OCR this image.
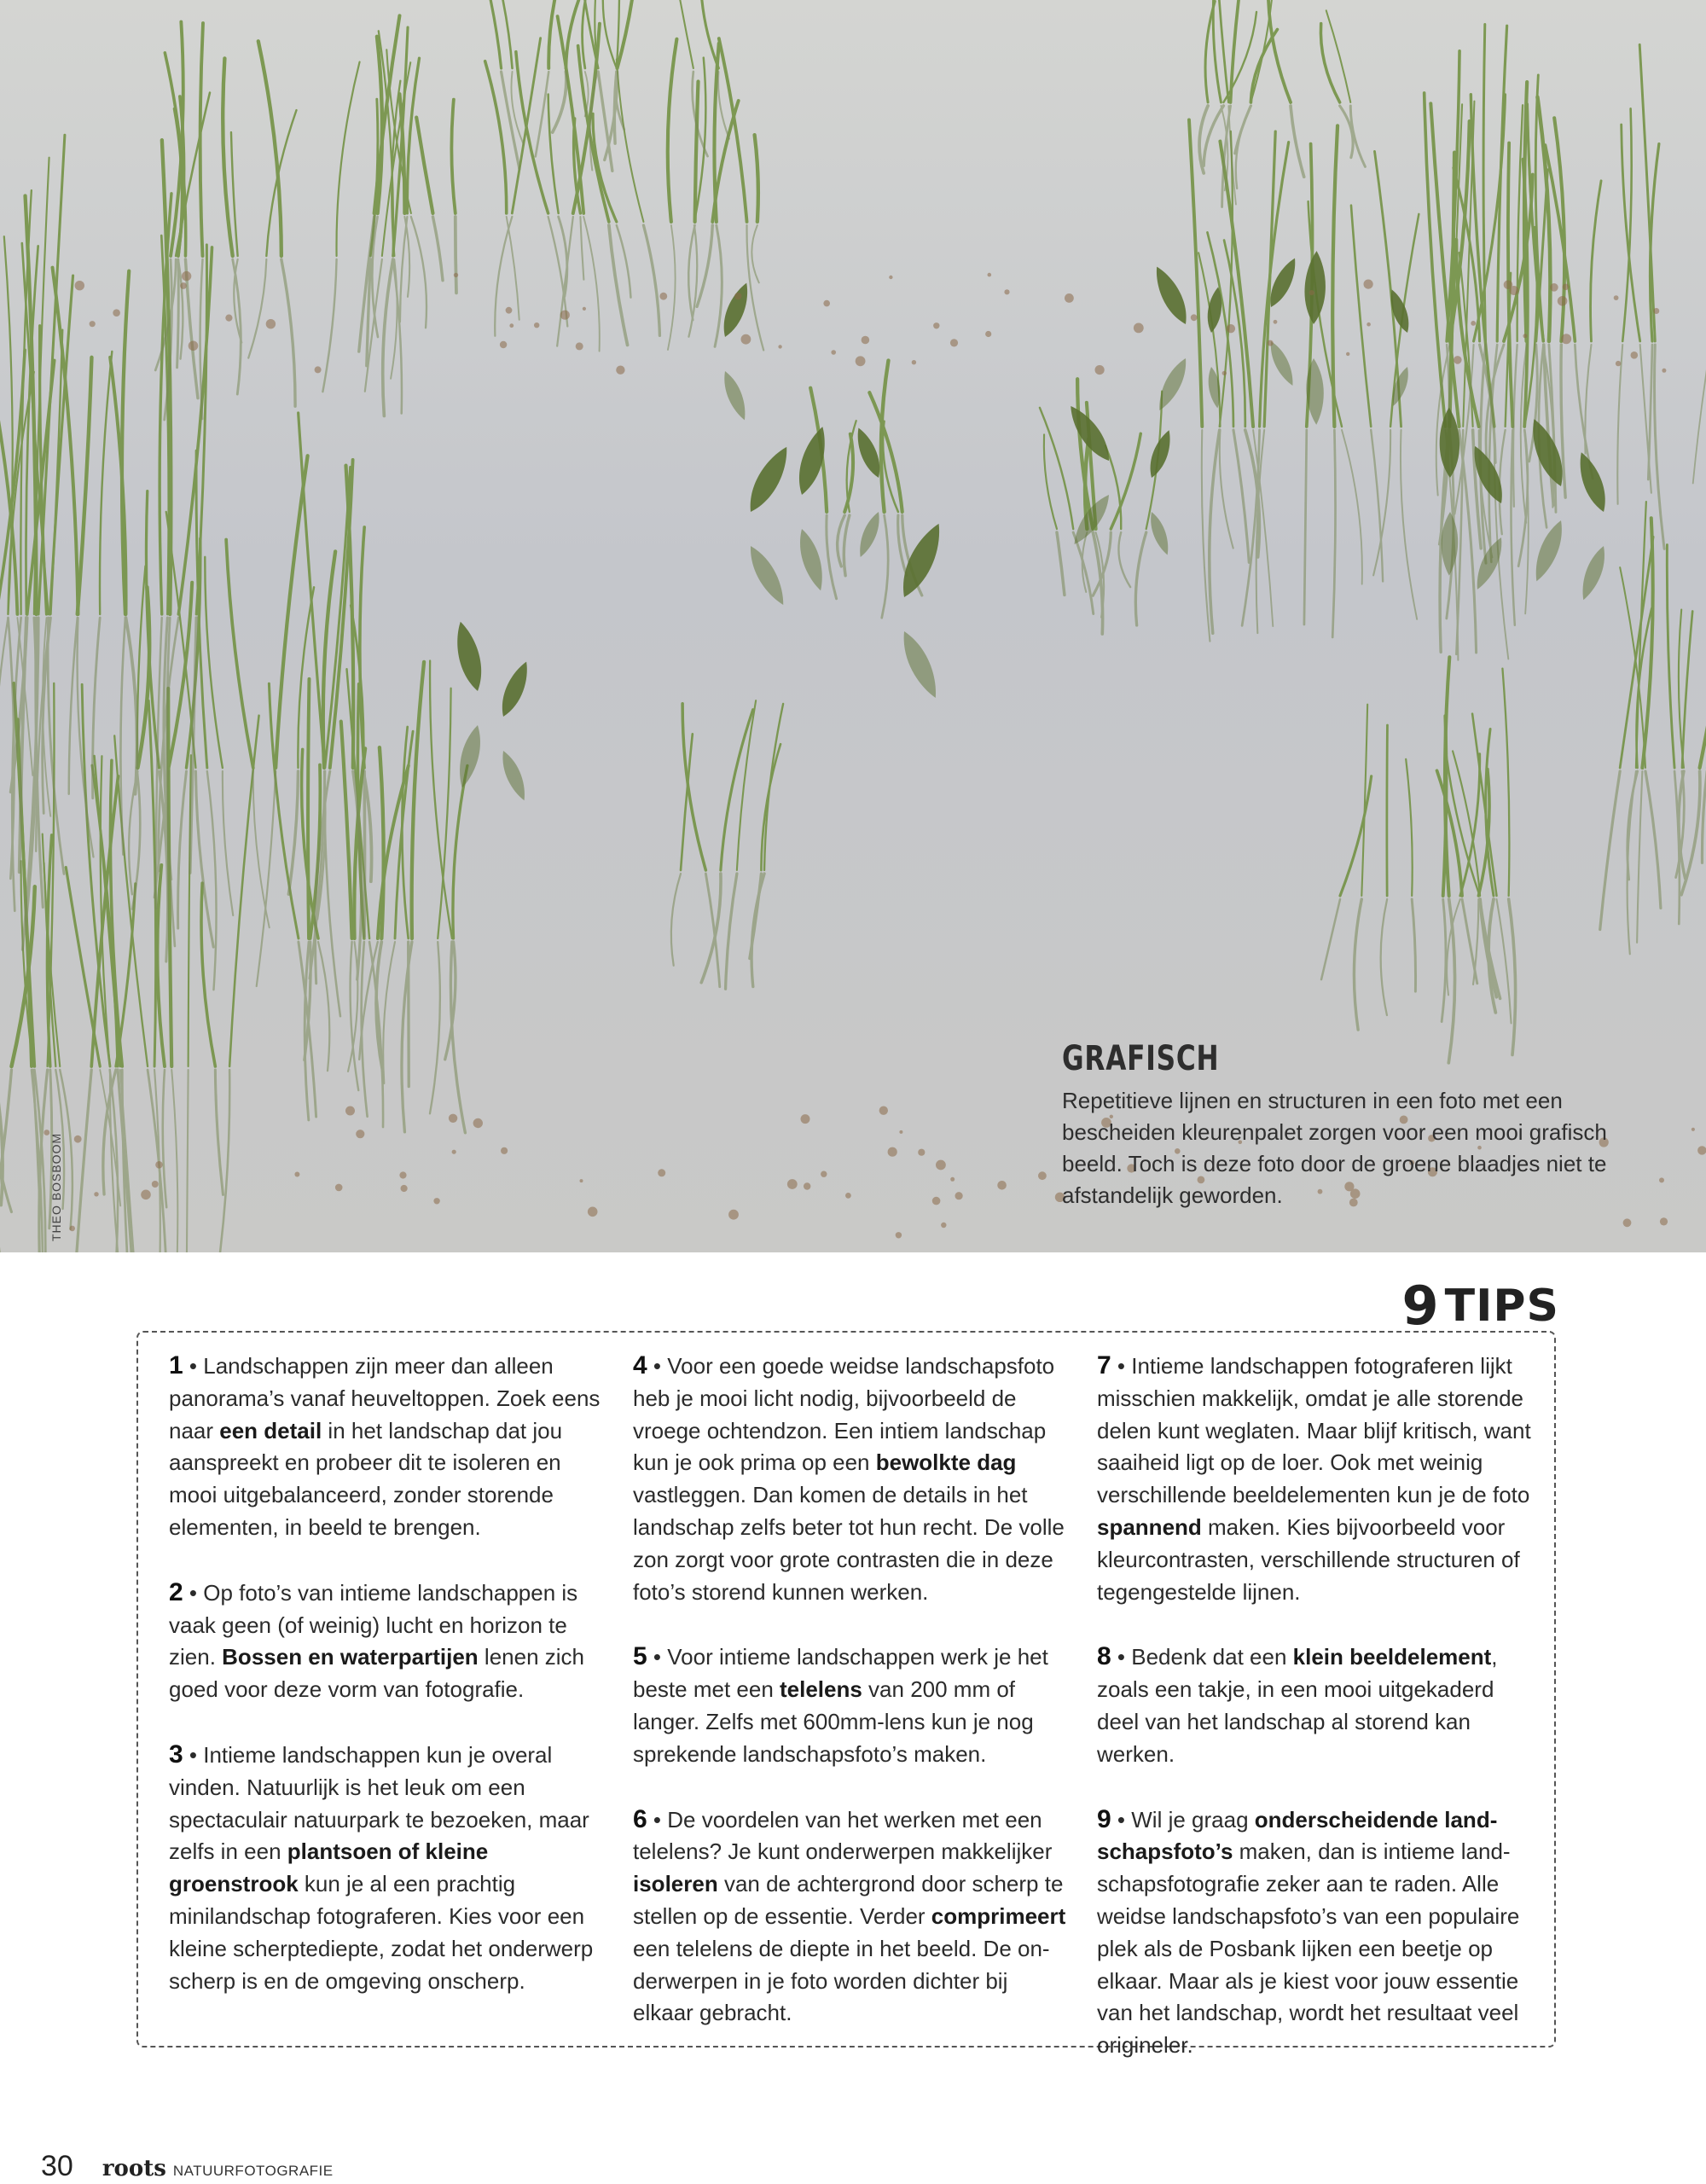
THEO BOSBOOM
GRAFISCH

Repetitieve lijnen en structuren in een foto met een bescheiden kleurenpalet zorgen voor een mooi grafisch beeld. Toch is deze foto door de groene blaadjes niet te afstandelijk geworden.

9 TIPS

1 • Landschappen zijn meer dan alleen panorama’s vanaf heuveltoppen. Zoek eens naar een detail in het landschap dat jou aanspreekt en probeer dit te isoleren en mooi uitgebalanceerd, zonder storende elementen, in beeld te brengen.

2 • Op foto’s van intieme landschappen is vaak geen (of weinig) lucht en horizon te zien. Bossen en waterpartijen lenen zich goed voor deze vorm van fotografie.

3 • Intieme landschappen kun je overal vinden. Natuurlijk is het leuk om een spectaculair natuurpark te bezoeken, maar zelfs in een plantsoen of kleine groenstrook kun je al een prachtig minilandschap fotograferen. Kies voor een kleine scherptediepte, zodat het onderwerp scherp is en de omgeving onscherp.

4 • Voor een goede weidse landschapsfoto heb je mooi licht nodig, bijvoorbeeld de vroege ochtendzon. Een intiem landschap kun je ook prima op een bewolkte dag vastleggen. Dan komen de details in het landschap zelfs beter tot hun recht. De volle zon zorgt voor grote contrasten die in deze foto’s storend kunnen werken.

5 • Voor intieme landschappen werk je het beste met een telelens van 200 mm of langer. Zelfs met 600mm-lens kun je nog sprekende landschapsfoto’s maken.

6 • De voordelen van het werken met een telelens? Je kunt onderwerpen makkelijker isoleren van de achtergrond door scherp te stellen op de essentie. Verder comprimeert een telelens de diepte in het beeld. De onderwerpen in je foto worden dichter bij elkaar gebracht.

7 • Intieme landschappen fotograferen lijkt misschien makkelijk, omdat je alle storende delen kunt weglaten. Maar blijf kritisch, want saaiheid ligt op de loer. Ook met weinig verschillende beeldelementen kun je de foto spannend maken. Kies bijvoorbeeld voor kleurcontrasten, verschillende structuren of tegengestelde lijnen.

8 • Bedenk dat een klein beeldelement, zoals een takje, in een mooi uitgekaderd deel van het landschap al storend kan werken.

9 • Wil je graag onderscheidende landschapsfoto’s maken, dan is intieme landschapsfotografie zeker aan te raden. Alle weidse landschapsfoto’s van een populaire plek als de Posbank lijken een beetje op elkaar. Maar als je kiest voor jouw essentie van het landschap, wordt het resultaat veel origineler.

30 roots NATUURFOTOGRAFIE
